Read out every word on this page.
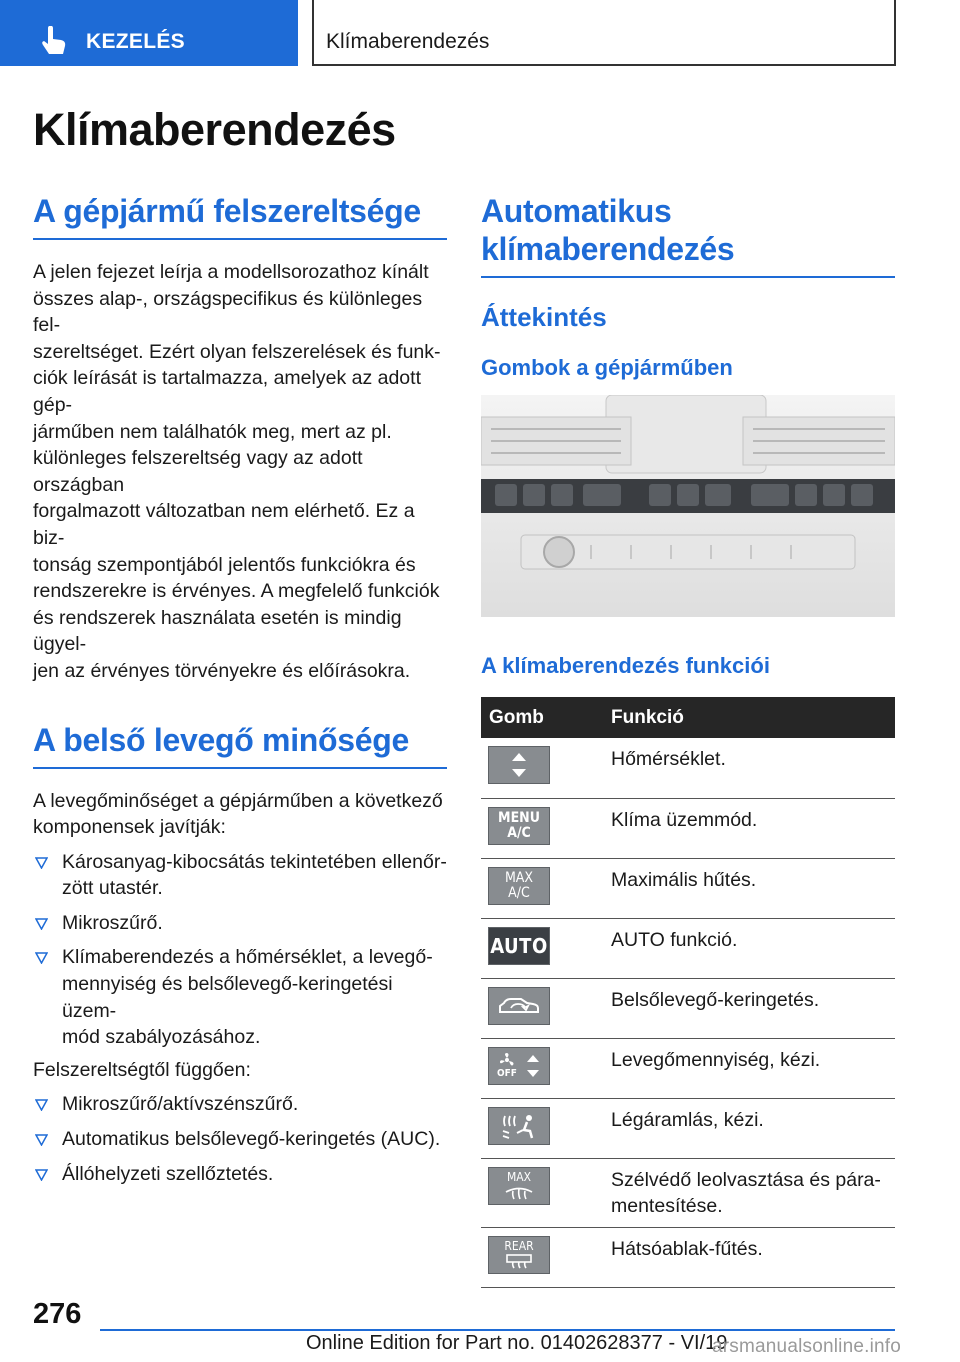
KEZELÉS	Klímaberendezés
Klímaberendezés
A gépjármű felszereltsége
A jelen fejezet leírja a modellsorozathoz kínált
összes alap-, országspecifikus és különleges fel-
szereltséget. Ezért olyan felszerelések és funk-
ciók leírását is tartalmazza, amelyek az adott gép-
járműben nem találhatók meg, mert az pl.
különleges felszereltség vagy az adott országban
forgalmazott változatban nem elérhető. Ez a biz-
tonság szempontjából jelentős funkciókra és
rendszerekre is érvényes. A megfelelő funkciók
és rendszerek használata esetén is mindig ügyel-
jen az érvényes törvényekre és előírásokra.
A belső levegő minősége
A levegőminőséget a gépjárműben a következő
komponensek javítják:
Károsanyag-kibocsátás tekintetében ellenőr-
zött utastér.
Mikroszűrő.
Klímaberendezés a hőmérséklet, a levegő-
mennyiség és belsőlevegő-keringetési üzem-
mód szabályozásához.
Felszereltségtől függően:
Mikroszűrő/aktívszénszűrő.
Automatikus belsőlevegő-keringetés (AUC).
Állóhelyzeti szellőztetés.
Automatikus
klímaberendezés
Áttekintés
Gombok a gépjárműben
A klímaberendezés funkciói
Gomb	Funkció

Hőmérséklet.

MENU
A/C	Klíma üzemmód.

MAX
A/C	Maximális hűtés.

AUTO	AUTO funkció.

Belsőlevegő-keringetés.

OFF	Levegőmennyiség, kézi.

Légáramlás, kézi.

MAX	Szélvédő leolvasztása és pára-
mentesítése.

REAR	Hátsóablak-fűtés.
276
Online Edition for Part no. 01402628377 - VI/19
arsmanualsonline.info
